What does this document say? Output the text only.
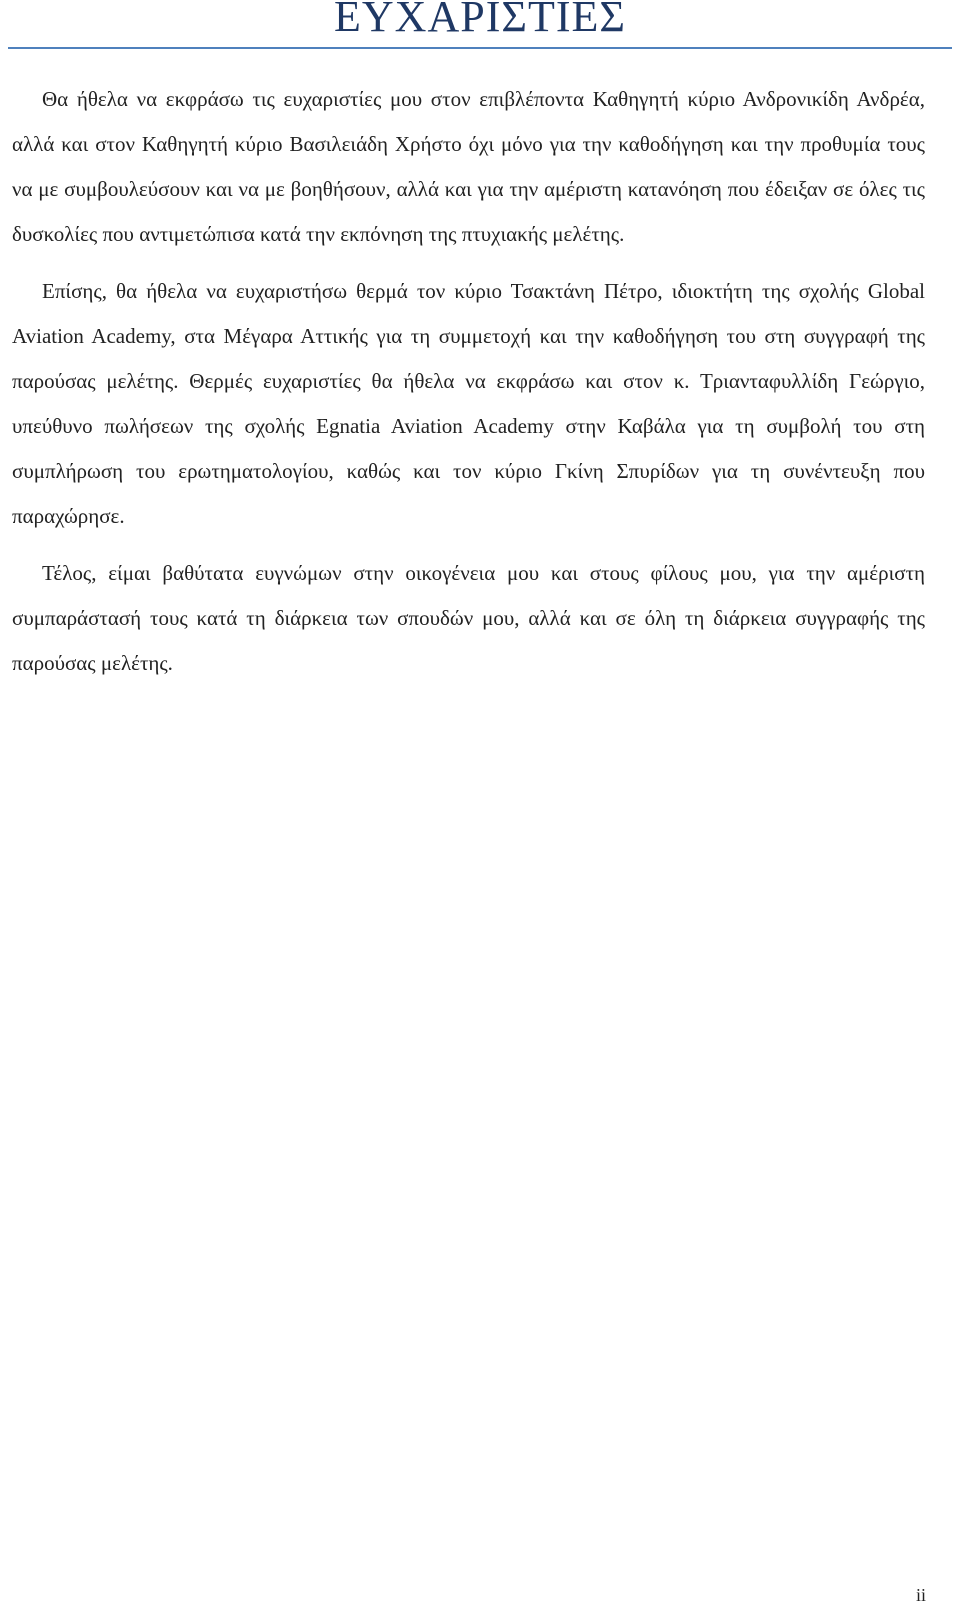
ΕΥΧΑΡΙΣΤΙΕΣ

Θα ήθελα να εκφράσω τις ευχαριστίες μου στον επιβλέποντα Καθηγητή κύριο Ανδρονικίδη Ανδρέα, αλλά και στον Καθηγητή κύριο Βασιλειάδη Χρήστο όχι μόνο για την καθοδήγηση και την προθυμία τους να με συμβουλεύσουν και να με βοηθήσουν, αλλά και για την αμέριστη κατανόηση που έδειξαν σε όλες τις δυσκολίες που αντιμετώπισα κατά την εκπόνηση της πτυχιακής μελέτης.

Επίσης, θα ήθελα να ευχαριστήσω θερμά τον κύριο Τσακτάνη Πέτρο, ιδιοκτήτη της σχολής Global Aviation Academy, στα Μέγαρα Αττικής για τη συμμετοχή και την καθοδήγηση του στη συγγραφή της παρούσας μελέτης. Θερμές ευχαριστίες θα ήθελα να εκφράσω και στον κ. Τριανταφυλλίδη Γεώργιο, υπεύθυνο πωλήσεων της σχολής Egnatia Aviation Academy στην Καβάλα για τη συμβολή του στη συμπλήρωση του ερωτηματολογίου, καθώς και τον κύριο Γκίνη Σπυρίδων για τη συνέντευξη που παραχώρησε.

Τέλος, είμαι βαθύτατα ευγνώμων στην οικογένεια μου και στους φίλους μου, για την αμέριστη συμπαράστασή τους κατά τη διάρκεια των σπουδών μου, αλλά και σε όλη τη διάρκεια συγγραφής της παρούσας μελέτης.

ii
